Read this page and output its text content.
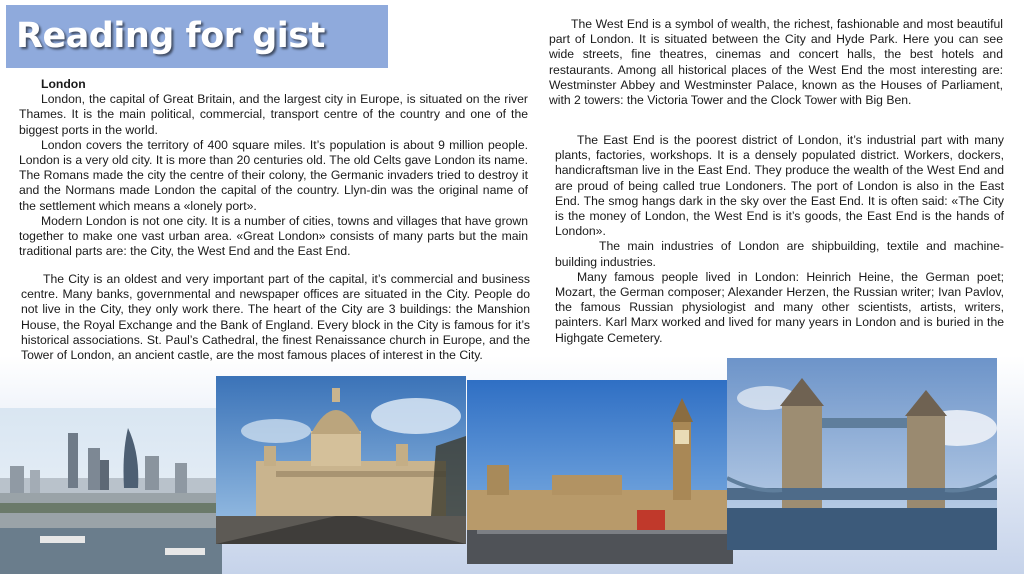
Reading for gist

London

London, the capital of Great Britain, and the largest city in Europe, is situated on the river Thames. It is the main political, commercial, transport centre of the country and one of the biggest ports in the world.

London covers the territory of 400 square miles. It’s population is about 9 million people. London is a very old city. It is more than 20 centuries old. The old Celts gave London its name. The Romans made the city the centre of their colony, the Germanic invaders tried to destroy it and the Normans made London the capital of the country. Llyn-din was the original name of the settlement which means a «lonely port».

Modern London is not one city. It is a number of cities, towns and villages that have grown together to make one vast urban area. «Great London» consists of many parts but the main traditional parts are: the City, the West End and the East End.

The City is an oldest and very important part of the capital, it’s commercial and business centre. Many banks, governmental and newspaper offices are situated in the City. People do not live in the City, they only work there. The heart of the City are 3 buildings: the Manshion House, the Royal Exchange and the Bank of England. Every block in the City is famous for it’s historical associations. St. Paul’s Cathedral, the finest Renaissance church in Europe, and the Tower of London, an ancient castle, are the most famous places of interest in the City.

The West End is a symbol of wealth, the richest, fashionable and most beautiful part of London. It is situated between the City and Hyde Park. Here you can see wide streets, fine theatres, cinemas and concert halls, the best hotels and restaurants. Among all historical places of the West End the most interesting are: Westminster Abbey and Westminster Palace, known as the Houses of Parliament, with 2 towers: the Victoria Tower and the Clock Tower with Big Ben.

The East End is the poorest district of London, it’s industrial part with many plants, factories, workshops. It is a densely populated district. Workers, dockers, handicraftsman live in the East End. They produce the wealth of the West End and are proud of being called true Londoners. The port of London is also in the East End. The smog hangs dark in the sky over the East End. It is often said: «The City is the money of London, the West End is it’s goods, the East End is the hands of London».

The main industries of London are shipbuilding, textile and machine-building industries.

Many famous people lived in London: Heinrich Heine, the German poet; Mozart, the German composer; Alexander Herzen, the Russian writer; Ivan Pavlov, the famous Russian physiologist and many other scientists, artists, writers, painters. Karl Marx worked and lived for many years in London and is buried in the Highgate Cemetery.
